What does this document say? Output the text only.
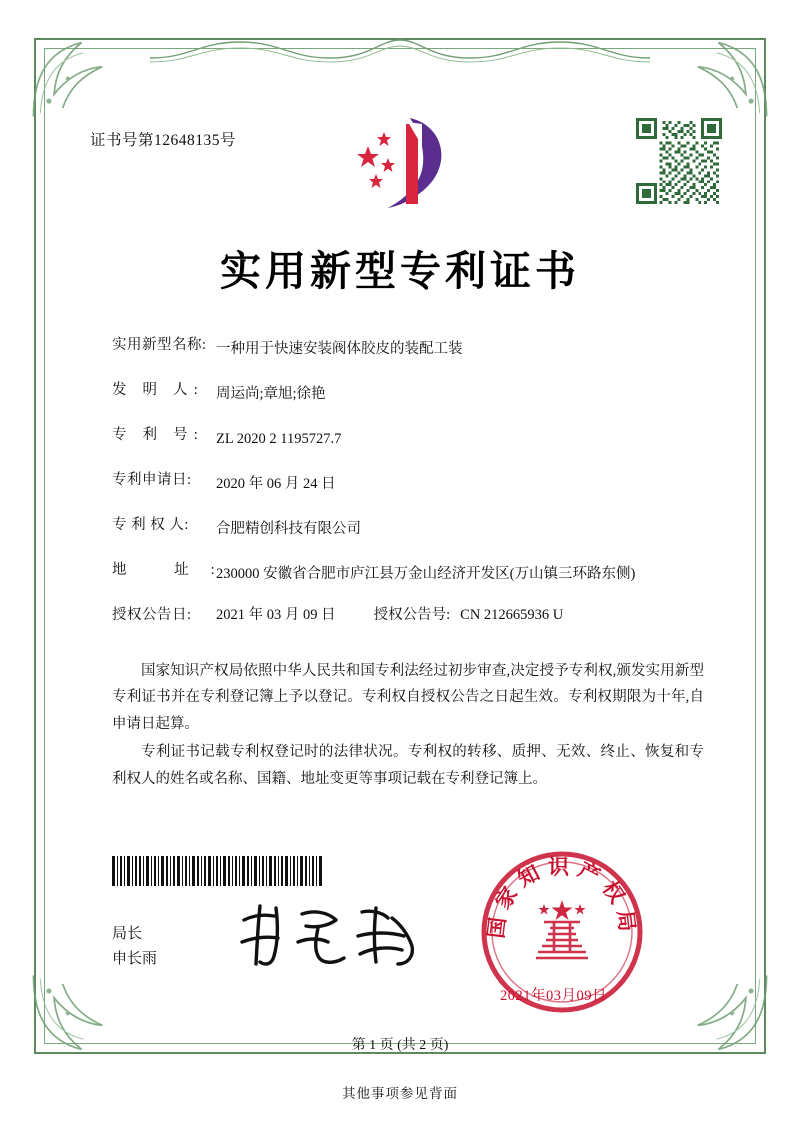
证书号第12648135号
实用新型专利证书
实用新型名称: 一种用于快速安装阀体胶皮的装配工装
发 明 人: 周运尚;章旭;徐艳
专 利 号: ZL 2020 2 1195727.7
专利申请日:	2020 年 06 月 24 日
专 利 权 人:	合肥精创科技有限公司
地 址:
230000 安徽省合肥市庐江县万金山经济开发区(万山镇三环路东侧)
授权公告日:	2021 年 03 月 09 日	授权公告号: CN 212665936 U

国家知识产权局依照中华人民共和国专利法经过初步审查,决定授予专利权,颁发实用新型专利证书并在专利登记簿上予以登记。专利权自授权公告之日起生效。专利权期限为十年,自申请日起算。

专利证书记载专利权登记时的法律状况。专利权的转移、质押、无效、终止、恢复和专利权人的姓名或名称、国籍、地址变更等事项记载在专利登记簿上。

局长
申长雨
国家知识产权局
2021年03月09日
第 1 页 (共 2 页)
其他事项参见背面
